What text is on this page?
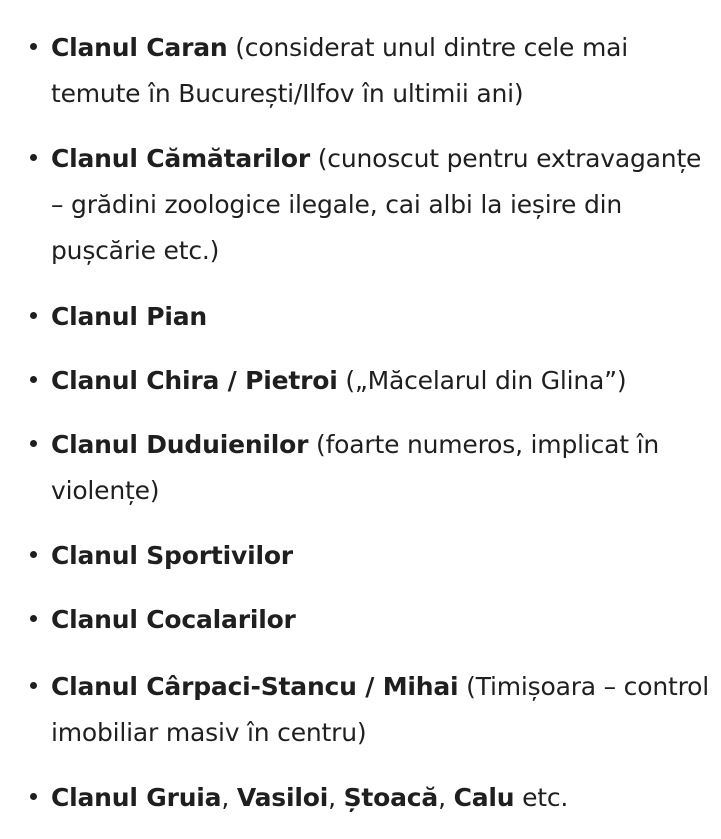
Clanul Caran (considerat unul dintre cele mai temute în București/Ilfov în ultimii ani)
Clanul Cămătarilor (cunoscut pentru extravaganțe – grădini zoologice ilegale, cai albi la ieșire din pușcărie etc.)
Clanul Pian
Clanul Chira / Pietroi („Măcelarul din Glina”)
Clanul Duduienilor (foarte numeros, implicat în violențe)
Clanul Sportivilor
Clanul Cocalarilor
Clanul Cârpaci-Stancu / Mihai (Timișoara – control imobiliar masiv în centru)
Clanul Gruia, Vasiloi, Ștoacă, Calu etc.
